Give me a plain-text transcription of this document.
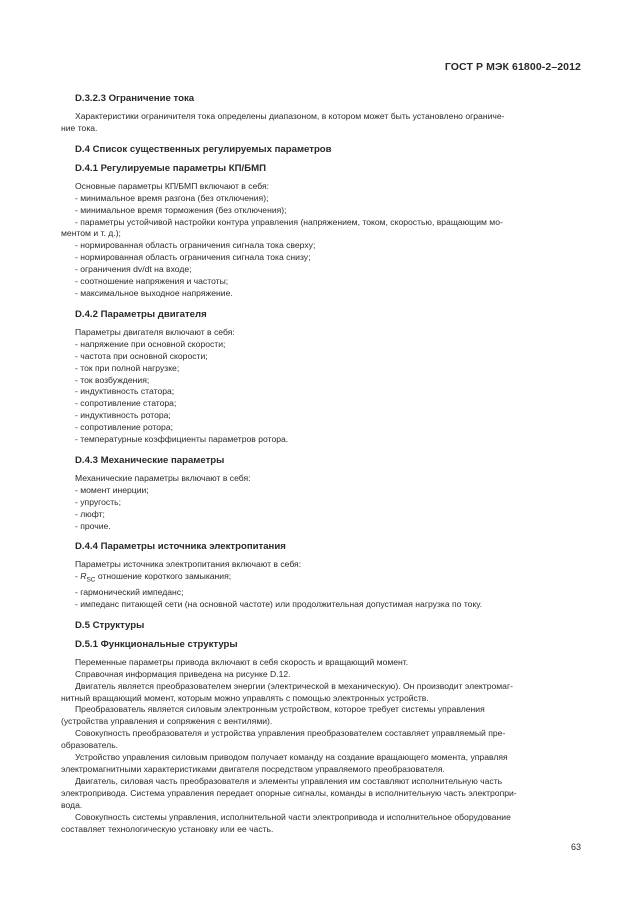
ГОСТ Р МЭК 61800-2–2012
D.3.2.3 Ограничение тока

Характеристики ограничителя тока определены диапазоном, в котором может быть установлено ограниче-

ние тока.

D.4 Список существенных регулируемых параметров
D.4.1 Регулируемые параметры КП/БМП

Основные параметры КП/БМП включают в себя:

- минимальное время разгона (без отключения);

- минимальное время торможения (без отключения);

- параметры устойчивой настройки контура управления (напряжением, током, скоростью, вращающим мо-

ментом и т. д.);

- нормированная область ограничения сигнала тока сверху;

- нормированная область ограничения сигнала тока снизу;

- ограничения dv/dt на входе;

- соотношение напряжения и частоты;

- максимальное выходное напряжение.

D.4.2 Параметры двигателя

Параметры двигателя включают в себя:

- напряжение при основной скорости;

- частота при основной скорости;

- ток при полной нагрузке;

- ток возбуждения;

- индуктивность статора;

- сопротивление статора;

- индуктивность ротора;

- сопротивление ротора;

- температурные коэффициенты параметров ротора.

D.4.3 Механические параметры

Механические параметры включают в себя:

- момент инерции;

- упругость;

- люфт;

- прочие.

D.4.4 Параметры источника электропитания

Параметры источника электропитания включают в себя:

- $R_{SC}$ отношение короткого замыкания;

- гармонический импеданс;

- импеданс питающей сети (на основной частоте) или продолжительная допустимая нагрузка по току.

D.5 Структуры
D.5.1 Функциональные структуры

Переменные параметры привода включают в себя скорость и вращающий момент.

Справочная информация приведена на рисунке D.12.

Двигатель является преобразователем энергии (электрической в механическую). Он производит электромаг-

нитный вращающий момент, которым можно управлять с помощью электронных устройств.

Преобразователь является силовым электронным устройством, которое требует системы управления

(устройства управления и сопряжения с вентилями).

Совокупность преобразователя и устройства управления преобразователем составляет управляемый пре-

образователь.

Устройство управления силовым приводом получает команду на создание вращающего момента, управляя

электромагнитными характеристиками двигателя посредством управляемого преобразователя.

Двигатель, силовая часть преобразователя и элементы управления им составляют исполнительную часть

электропривода. Система управления передает опорные сигналы, команды в исполнительную часть электропри-

вода.

Совокупность системы управления, исполнительной части электропривода и исполнительное оборудование

составляет технологическую установку или ее часть.

63
